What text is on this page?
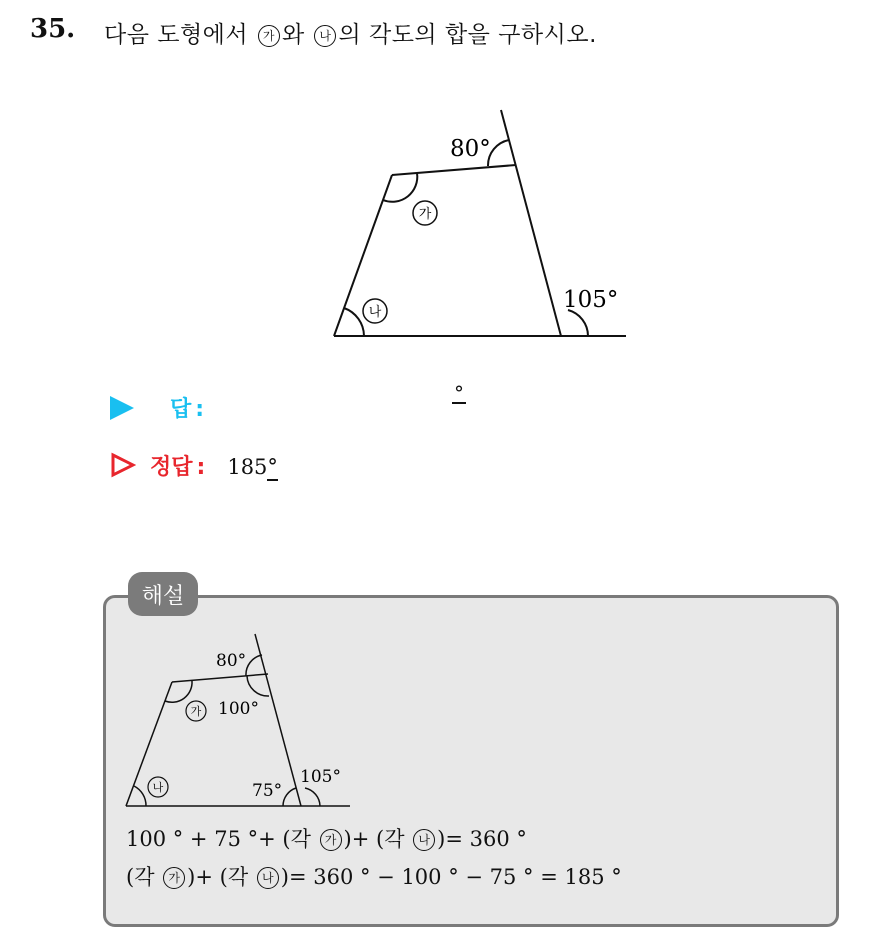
35. 다음 도형에서 가 와 나 의 각도의 합을 구하시오.
가
나
80°
105°
답 :
°
정답 : 185°
해설
가
나
80°
100°
75°
105°
100 ° + 75 °+ (각 가 )+ (각 나 )= 360 °
(각 가 )+ (각 나 )= 360 ° − 100 ° − 75 ° = 185 °
